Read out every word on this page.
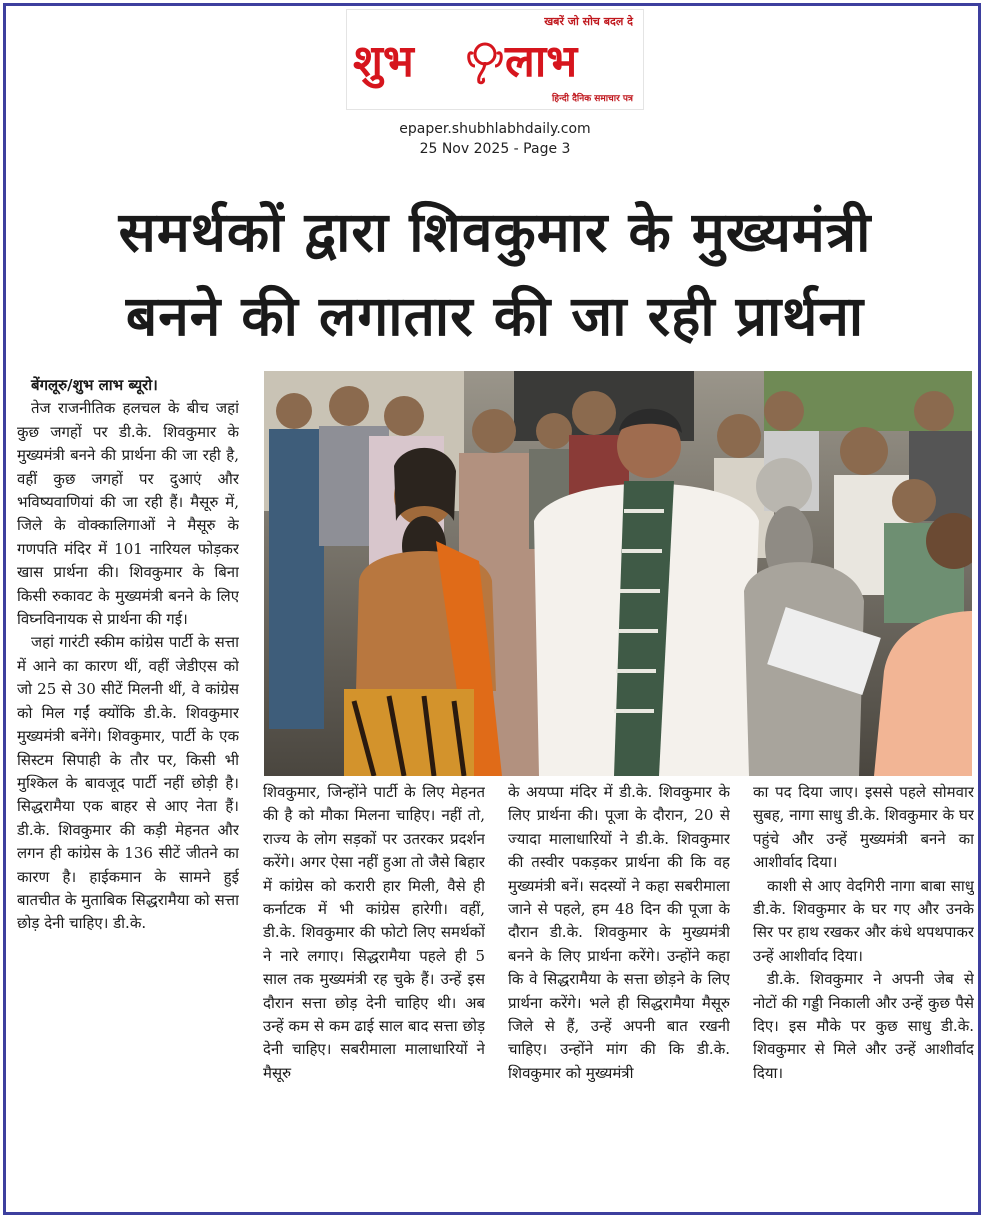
खबरें जो सोच बदल दे
शुभ लाभ
हिन्दी दैनिक समाचार पत्र
epaper.shubhlabhdaily.com
25 Nov 2025 - Page 3
समर्थकों द्वारा शिवकुमार के मुख्यमंत्री
बनने की लगातार की जा रही प्रार्थना

बेंगलूरु/शुभ लाभ ब्यूरो।

तेज राजनीतिक हलचल के बीच जहां कुछ जगहों पर डी.के. शिवकुमार के मुख्यमंत्री बनने की प्रार्थना की जा रही है, वहीं कुछ जगहों पर दुआएं और भविष्यवाणियां की जा रही हैं। मैसूरु में, जिले के वोक्कालिगाओं ने मैसूरु के गणपति मंदिर में 101 नारियल फोड़कर खास प्रार्थना की। शिवकुमार के बिना किसी रुकावट के मुख्यमंत्री बनने के लिए विघ्नविनायक से प्रार्थना की गई।

जहां गारंटी स्कीम कांग्रेस पार्टी के सत्ता में आने का कारण थीं, वहीं जेडीएस को जो 25 से 30 सीटें मिलनी थीं, वे कांग्रेस को मिल गईं क्योंकि डी.के. शिवकुमार मुख्यमंत्री बनेंगे। शिवकुमार, पार्टी के एक सिस्टम सिपाही के तौर पर, किसी भी मुश्किल के बावजूद पार्टी नहीं छोड़ी है। सिद्धरामैया एक बाहर से आए नेता हैं। डी.के. शिवकुमार की कड़ी मेहनत और लगन ही कांग्रेस के 136 सीटें जीतने का कारण है। हाईकमान के सामने हुई बातचीत के मुताबिक सिद्धरामैया को सत्ता छोड़ देनी चाहिए। डी.के.

शिवकुमार, जिन्होंने पार्टी के लिए मेहनत की है को मौका मिलना चाहिए। नहीं तो, राज्य के लोग सड़कों पर उतरकर प्रदर्शन करेंगे। अगर ऐसा नहीं हुआ तो जैसे बिहार में कांग्रेस को करारी हार मिली, वैसे ही कर्नाटक में भी कांग्रेस हारेगी। वहीं, डी.के. शिवकुमार की फोटो लिए समर्थकों ने नारे लगाए। सिद्धरामैया पहले ही 5 साल तक मुख्यमंत्री रह चुके हैं। उन्हें इस दौरान सत्ता छोड़ देनी चाहिए थी। अब उन्हें कम से कम ढाई साल बाद सत्ता छोड़ देनी चाहिए। सबरीमाला मालाधारियों ने मैसूरु

के अयप्पा मंदिर में डी.के. शिवकुमार के लिए प्रार्थना की। पूजा के दौरान, 20 से ज्यादा मालाधारियों ने डी.के. शिवकुमार की तस्वीर पकड़कर प्रार्थना की कि वह मुख्यमंत्री बनें। सदस्यों ने कहा सबरीमाला जाने से पहले, हम 48 दिन की पूजा के दौरान डी.के. शिवकुमार के मुख्यमंत्री बनने के लिए प्रार्थना करेंगे। उन्होंने कहा कि वे सिद्धरामैया के सत्ता छोड़ने के लिए प्रार्थना करेंगे। भले ही सिद्धरामैया मैसूरु जिले से हैं, उन्हें अपनी बात रखनी चाहिए। उन्होंने मांग की कि डी.के. शिवकुमार को मुख्यमंत्री

का पद दिया जाए। इससे पहले सोमवार सुबह, नागा साधु डी.के. शिवकुमार के घर पहुंचे और उन्हें मुख्यमंत्री बनने का आशीर्वाद दिया।

काशी से आए वेदगिरी नागा बाबा साधु डी.के. शिवकुमार के घर गए और उनके सिर पर हाथ रखकर और कंधे थपथपाकर उन्हें आशीर्वाद दिया।

डी.के. शिवकुमार ने अपनी जेब से नोटों की गड्डी निकाली और उन्हें कुछ पैसे दिए। इस मौके पर कुछ साधु डी.के. शिवकुमार से मिले और उन्हें आशीर्वाद दिया।
